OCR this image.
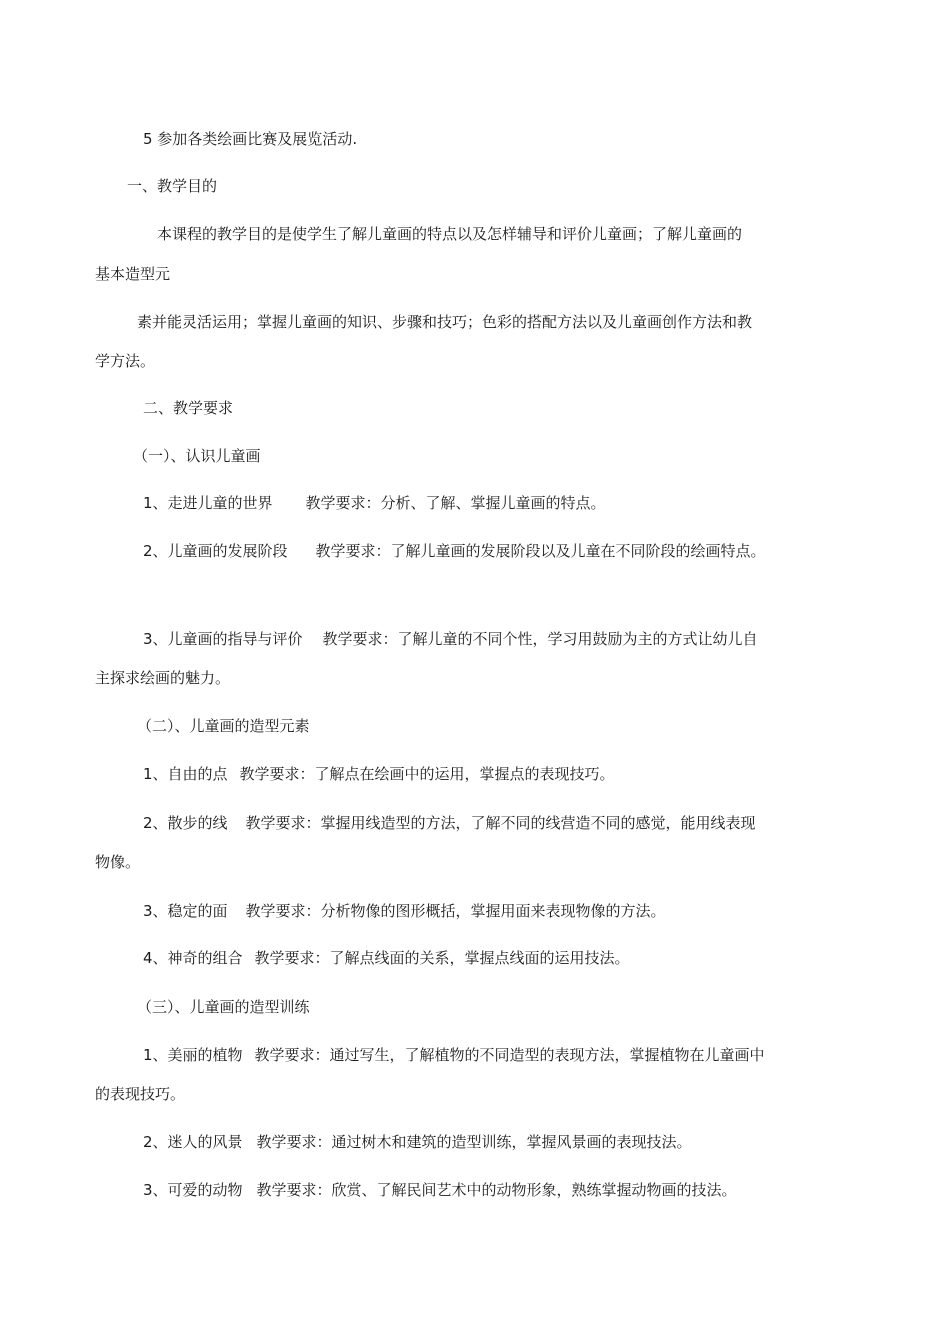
5 参加各类绘画比赛及展览活动.
一、教学目的
本课程的教学目的是使学生了解儿童画的特点以及怎样辅导和评价儿童画；了解儿童画的
基本造型元
素并能灵活运用；掌握儿童画的知识、步骤和技巧；色彩的搭配方法以及儿童画创作方法和教
学方法。
二、教学要求
（一）、认识儿童画
1、走进儿童的世界 教学要求：分析、了解、掌握儿童画的特点。
2、儿童画的发展阶段 教学要求：了解儿童画的发展阶段以及儿童在不同阶段的绘画特点。
3、儿童画的指导与评价 教学要求：了解儿童的不同个性，学习用鼓励为主的方式让幼儿自
主探求绘画的魅力。
（二）、儿童画的造型元素
1、自由的点 教学要求：了解点在绘画中的运用，掌握点的表现技巧。
2、散步的线 教学要求：掌握用线造型的方法，了解不同的线营造不同的感觉，能用线表现
物像。
3、稳定的面 教学要求：分析物像的图形概括，掌握用面来表现物像的方法。
4、神奇的组合 教学要求：了解点线面的关系，掌握点线面的运用技法。
（三）、儿童画的造型训练
1、美丽的植物 教学要求：通过写生，了解植物的不同造型的表现方法，掌握植物在儿童画中
的表现技巧。
2、迷人的风景 教学要求：通过树木和建筑的造型训练，掌握风景画的表现技法。
3、可爱的动物 教学要求：欣赏、了解民间艺术中的动物形象，熟练掌握动物画的技法。
